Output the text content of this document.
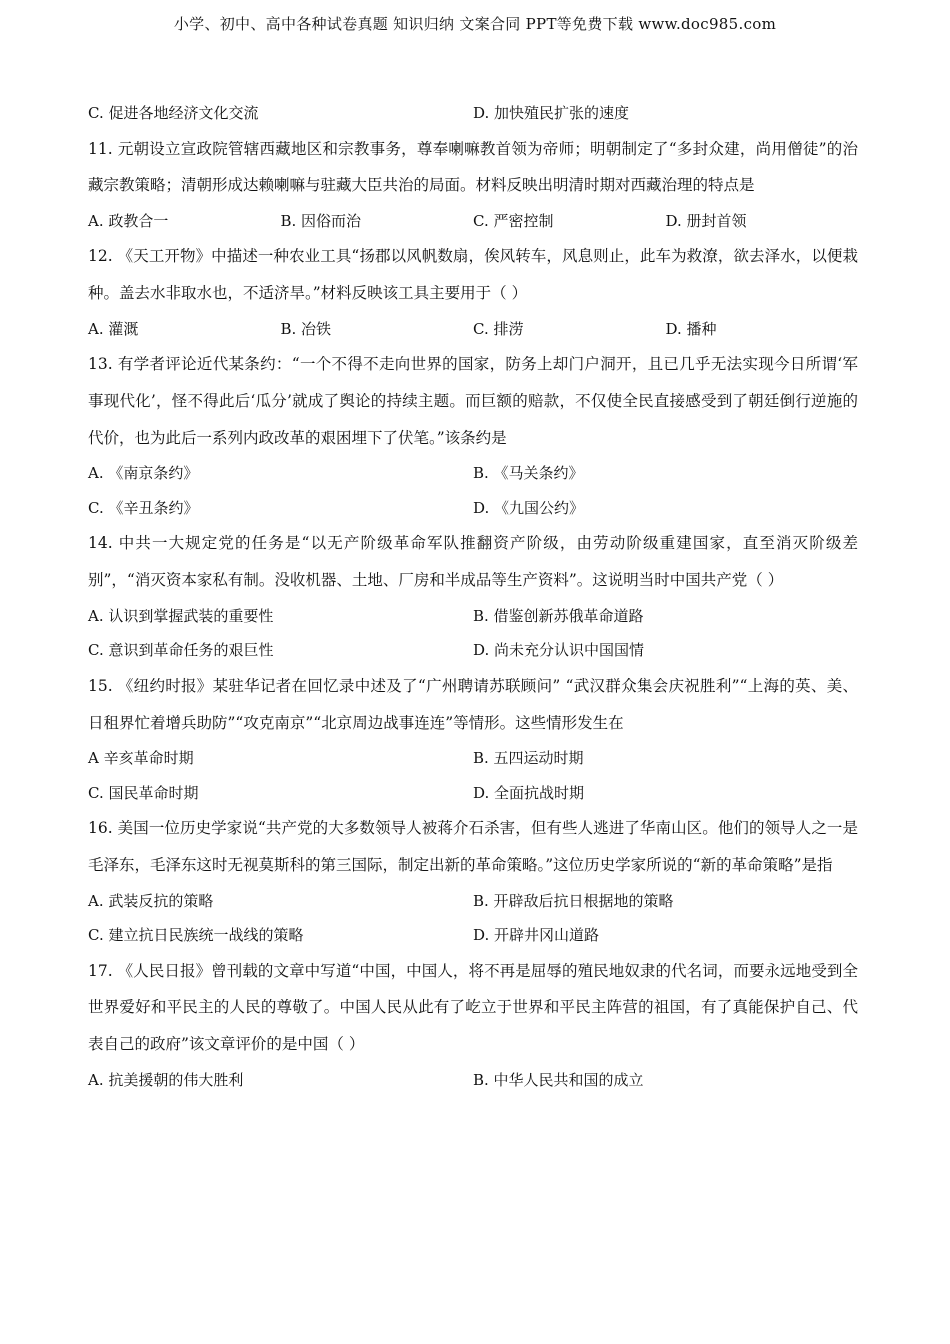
小学、初中、高中各种试卷真题 知识归纳 文案合同 PPT等免费下载 www.doc985.com
C. 促进各地经济文化交流	D. 加快殖民扩张的速度

11. 元朝设立宣政院管辖西藏地区和宗教事务，尊奉喇嘛教首领为帝师；明朝制定了“多封众建，尚用僧徒”的治藏宗教策略；清朝形成达赖喇嘛与驻藏大臣共治的局面。材料反映出明清时期对西藏治理的特点是

A. 政教合一	B. 因俗而治	C. 严密控制	D. 册封首领

12. 《天工开物》中描述一种农业工具“扬郡以风帆数扇，俟风转车，风息则止，此车为救潦，欲去泽水，以便栽种。盖去水非取水也，不适济旱。”材料反映该工具主要用于（ ）

A. 灌溉	B. 冶铁	C. 排涝	D. 播种

13. 有学者评论近代某条约：“一个不得不走向世界的国家，防务上却门户洞开，且已几乎无法实现今日所谓‘军事现代化’，怪不得此后‘瓜分’就成了舆论的持续主题。而巨额的赔款，不仅使全民直接感受到了朝廷倒行逆施的代价，也为此后一系列内政改革的艰困埋下了伏笔。”该条约是

A. 《南京条约》	B. 《马关条约》
C. 《辛丑条约》	D. 《九国公约》

14. 中共一大规定党的任务是“以无产阶级革命军队推翻资产阶级，由劳动阶级重建国家，直至消灭阶级差别”，“消灭资本家私有制。没收机器、土地、厂房和半成品等生产资料”。这说明当时中国共产党（ ）

A. 认识到掌握武装的重要性	B. 借鉴创新苏俄革命道路
C. 意识到革命任务的艰巨性	D. 尚未充分认识中国国情

15. 《纽约时报》某驻华记者在回忆录中述及了“广州聘请苏联顾问” “武汉群众集会庆祝胜利”“上海的英、美、日租界忙着增兵助防”“攻克南京”“北京周边战事连连”等情形。这些情形发生在

A 辛亥革命时期	B. 五四运动时期
C. 国民革命时期	D. 全面抗战时期

16. 美国一位历史学家说“共产党的大多数领导人被蒋介石杀害，但有些人逃进了华南山区。他们的领导人之一是毛泽东，毛泽东这时无视莫斯科的第三国际，制定出新的革命策略。”这位历史学家所说的“新的革命策略”是指

A. 武装反抗的策略	B. 开辟敌后抗日根据地的策略
C. 建立抗日民族统一战线的策略	D. 开辟井冈山道路

17. 《人民日报》曾刊载的文章中写道“中国，中国人，将不再是屈辱的殖民地奴隶的代名词，而要永远地受到全世界爱好和平民主的人民的尊敬了。中国人民从此有了屹立于世界和平民主阵营的祖国，有了真能保护自己、代表自己的政府”该文章评价的是中国（ ）

A. 抗美援朝的伟大胜利	B. 中华人民共和国的成立
